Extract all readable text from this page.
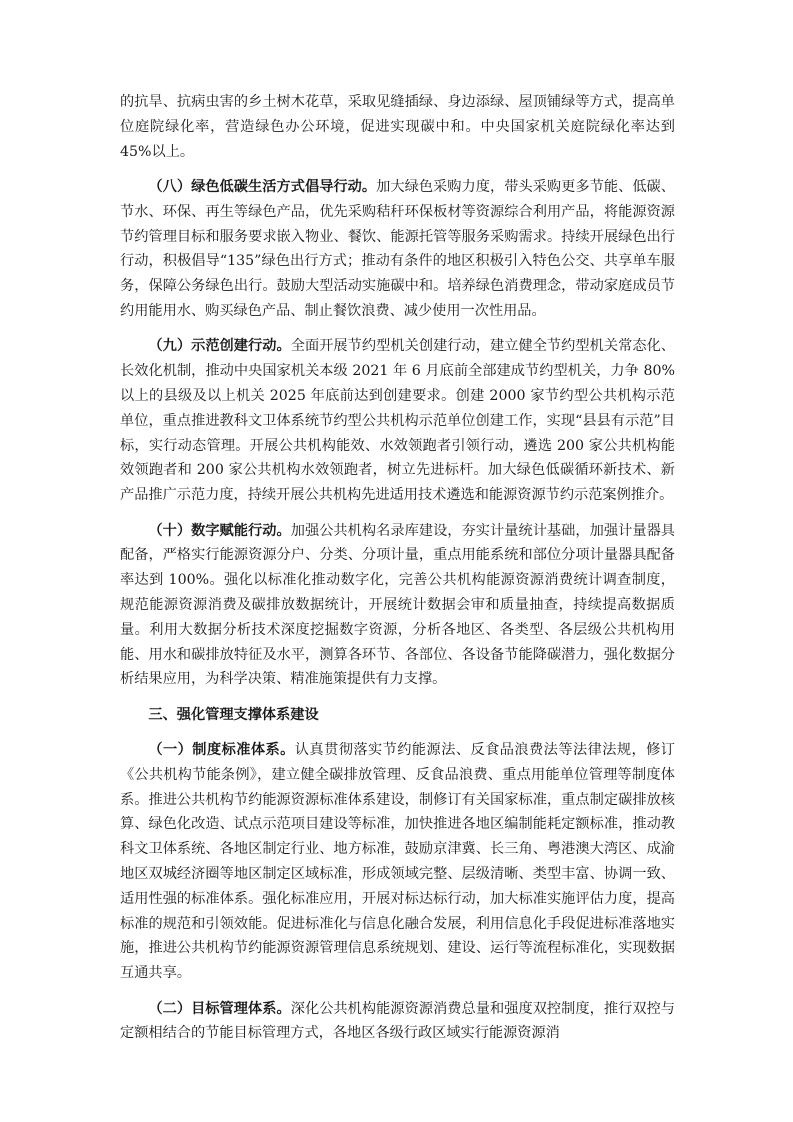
的抗旱、抗病虫害的乡土树木花草，采取见缝插绿、身边添绿、屋顶铺绿等方式，提高单位庭院绿化率，营造绿色办公环境，促进实现碳中和。中央国家机关庭院绿化率达到 45%以上。

（八）绿色低碳生活方式倡导行动。加大绿色采购力度，带头采购更多节能、低碳、节水、环保、再生等绿色产品，优先采购秸秆环保板材等资源综合利用产品，将能源资源节约管理目标和服务要求嵌入物业、餐饮、能源托管等服务采购需求。持续开展绿色出行行动，积极倡导“135”绿色出行方式；推动有条件的地区积极引入特色公交、共享单车服务，保障公务绿色出行。鼓励大型活动实施碳中和。培养绿色消费理念，带动家庭成员节约用能用水、购买绿色产品、制止餐饮浪费、减少使用一次性用品。

（九）示范创建行动。全面开展节约型机关创建行动，建立健全节约型机关常态化、长效化机制，推动中央国家机关本级 2021 年 6 月底前全部建成节约型机关，力争 80%以上的县级及以上机关 2025 年底前达到创建要求。创建 2000 家节约型公共机构示范单位，重点推进教科文卫体系统节约型公共机构示范单位创建工作，实现“县县有示范”目标，实行动态管理。开展公共机构能效、水效领跑者引领行动，遴选 200 家公共机构能效领跑者和 200 家公共机构水效领跑者，树立先进标杆。加大绿色低碳循环新技术、新产品推广示范力度，持续开展公共机构先进适用技术遴选和能源资源节约示范案例推介。

（十）数字赋能行动。加强公共机构名录库建设，夯实计量统计基础，加强计量器具配备，严格实行能源资源分户、分类、分项计量，重点用能系统和部位分项计量器具配备率达到 100%。强化以标准化推动数字化，完善公共机构能源资源消费统计调查制度，规范能源资源消费及碳排放数据统计，开展统计数据会审和质量抽查，持续提高数据质量。利用大数据分析技术深度挖掘数字资源，分析各地区、各类型、各层级公共机构用能、用水和碳排放特征及水平，测算各环节、各部位、各设备节能降碳潜力，强化数据分析结果应用，为科学决策、精准施策提供有力支撑。

三、强化管理支撑体系建设

（一）制度标准体系。认真贯彻落实节约能源法、反食品浪费法等法律法规，修订《公共机构节能条例》，建立健全碳排放管理、反食品浪费、重点用能单位管理等制度体系。推进公共机构节约能源资源标准体系建设，制修订有关国家标准，重点制定碳排放核算、绿色化改造、试点示范项目建设等标准，加快推进各地区编制能耗定额标准，推动教科文卫体系统、各地区制定行业、地方标准，鼓励京津冀、长三角、粤港澳大湾区、成渝地区双城经济圈等地区制定区域标准，形成领域完整、层级清晰、类型丰富、协调一致、适用性强的标准体系。强化标准应用，开展对标达标行动，加大标准实施评估力度，提高标准的规范和引领效能。促进标准化与信息化融合发展，利用信息化手段促进标准落地实施，推进公共机构节约能源资源管理信息系统规划、建设、运行等流程标准化，实现数据互通共享。

（二）目标管理体系。深化公共机构能源资源消费总量和强度双控制度，推行双控与定额相结合的节能目标管理方式，各地区各级行政区域实行能源资源消
